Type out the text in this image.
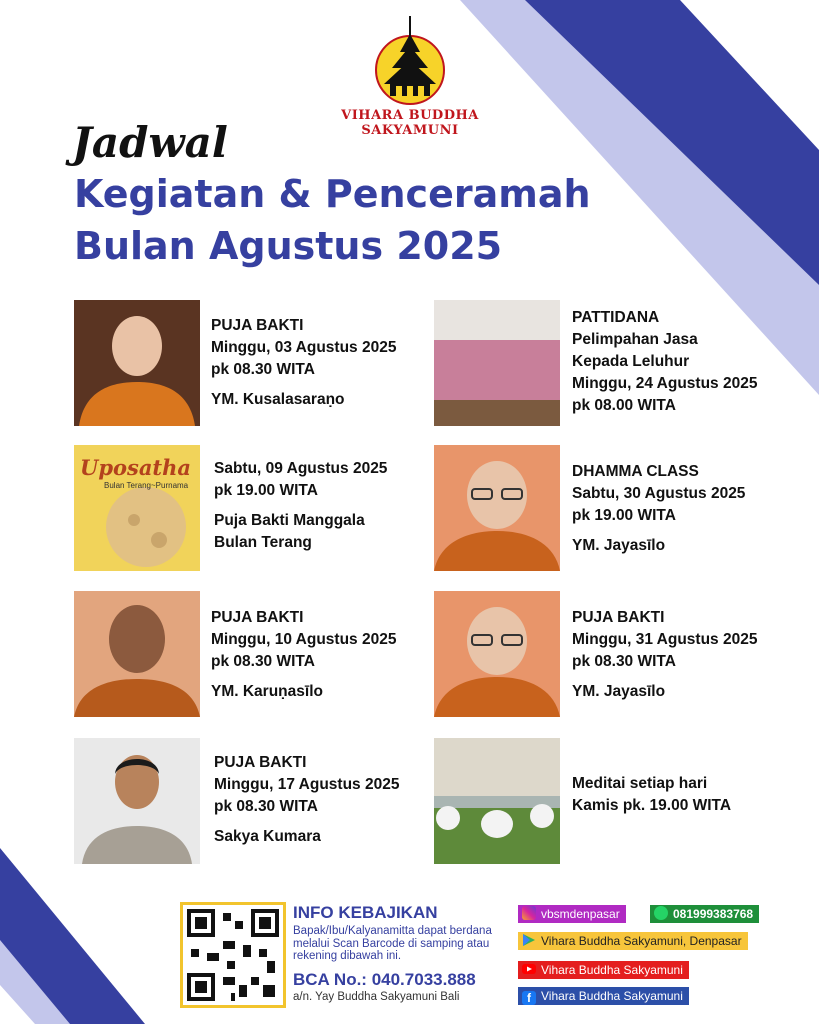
VIHARA BUDDHA SAKYAMUNI
Jadwal
Kegiatan & Penceramah
Bulan Agustus 2025

PUJA BAKTI

Minggu, 03 Agustus 2025

pk 08.30 WITA

YM. Kusalasaraṇo

PATTIDANA

Pelimpahan Jasa

Kepada Leluhur

Minggu, 24 Agustus 2025

pk 08.00 WITA

Uposatha
Bulan Terang~Purnama

Sabtu, 09 Agustus 2025

pk 19.00 WITA

Puja Bakti Manggala

Bulan Terang

DHAMMA CLASS

Sabtu, 30 Agustus 2025

pk 19.00 WITA

YM. Jayasīlo

PUJA BAKTI

Minggu, 10 Agustus 2025

pk 08.30 WITA

YM. Karuṇasīlo

PUJA BAKTI

Minggu, 31 Agustus 2025

pk 08.30 WITA

YM. Jayasīlo

PUJA BAKTI

Minggu, 17 Agustus 2025

pk 08.30 WITA

Sakya Kumara

Meditai setiap hari

Kamis pk. 19.00 WITA

INFO KEBAJIKAN
Bapak/Ibu/Kalyanamitta dapat berdana melalui Scan Barcode di samping atau rekening dibawah ini.
BCA No.: 040.7033.888
a/n. Yay Buddha Sakyamuni Bali
vbsmdenpasar	081999383768
Vihara Buddha Sakyamuni, Denpasar
Vihara Buddha Sakyamuni
f Vihara Buddha Sakyamuni
